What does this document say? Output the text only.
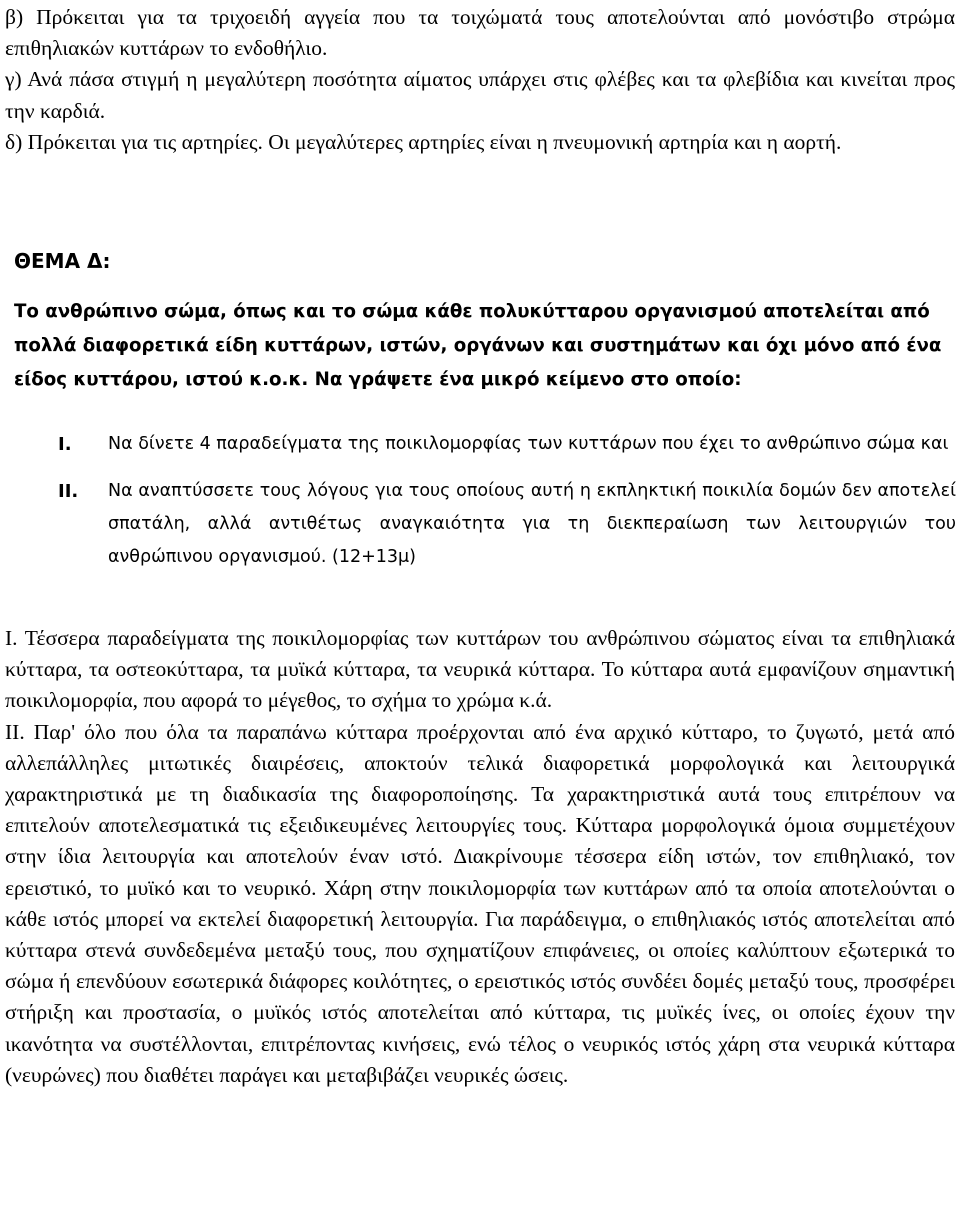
β) Πρόκειται για τα τριχοειδή αγγεία που τα τοιχώματά τους αποτελούνται από μονόστιβο στρώμα επιθηλιακών κυττάρων το ενδοθήλιο.

γ) Ανά πάσα στιγμή η μεγαλύτερη ποσότητα αίματος υπάρχει στις φλέβες και τα φλεβίδια και κινείται προς την καρδιά.

δ) Πρόκειται για τις αρτηρίες. Οι μεγαλύτερες αρτηρίες είναι η πνευμονική αρτηρία και η αορτή.

ΘΕΜΑ Δ:

Το ανθρώπινο σώμα, όπως και το σώμα κάθε πολυκύτταρου οργανισμού αποτελείται από πολλά διαφορετικά είδη κυττάρων, ιστών, οργάνων και συστημάτων και όχι μόνο από ένα είδος κυττάρου, ιστού κ.ο.κ. Να γράψετε ένα μικρό κείμενο στο οποίο:

I.	Να δίνετε 4 παραδείγματα της ποικιλομορφίας των κυττάρων που έχει το ανθρώπινο σώμα και
II.	Να αναπτύσσετε τους λόγους για τους οποίους αυτή η εκπληκτική ποικιλία δομών δεν αποτελεί σπατάλη, αλλά αντιθέτως αναγκαιότητα για τη διεκπεραίωση των λειτουργιών του ανθρώπινου οργανισμού. (12+13μ)

Ι. Τέσσερα παραδείγματα της ποικιλομορφίας των κυττάρων του ανθρώπινου σώματος είναι τα επιθηλιακά κύτταρα, τα οστεοκύτταρα, τα μυϊκά κύτταρα, τα νευρικά κύτταρα. Το κύτταρα αυτά εμφανίζουν σημαντική ποικιλομορφία, που αφορά το μέγεθος, το σχήμα το χρώμα κ.ά.

ΙΙ. Παρ' όλο που όλα τα παραπάνω κύτταρα προέρχονται από ένα αρχικό κύτταρο, το ζυγωτό, μετά από αλλεπάλληλες μιτωτικές διαιρέσεις, αποκτούν τελικά διαφορετικά μορφολογικά και λειτουργικά χαρακτηριστικά με τη διαδικασία της διαφοροποίησης. Τα χαρακτηριστικά αυτά τους επιτρέπουν να επιτελούν αποτελεσματικά τις εξειδικευμένες λειτουργίες τους. Κύτταρα μορφολογικά όμοια συμμετέχουν στην ίδια λειτουργία και αποτελούν έναν ιστό. Διακρίνουμε τέσσερα είδη ιστών, τον επιθηλιακό, τον ερειστικό, το μυϊκό και το νευρικό. Χάρη στην ποικιλομορφία των κυττάρων από τα οποία αποτελούνται ο κάθε ιστός μπορεί να εκτελεί διαφορετική λειτουργία. Για παράδειγμα, ο επιθηλιακός ιστός αποτελείται από κύτταρα στενά συνδεδεμένα μεταξύ τους, που σχηματίζουν επιφάνειες, οι οποίες καλύπτουν εξωτερικά το σώμα ή επενδύουν εσωτερικά διάφορες κοιλότητες, ο ερειστικός ιστός συνδέει δομές μεταξύ τους, προσφέρει στήριξη και προστασία, ο μυϊκός ιστός αποτελείται από κύτταρα, τις μυϊκές ίνες, οι οποίες έχουν την ικανότητα να συστέλλονται, επιτρέποντας κινήσεις, ενώ τέλος ο νευρικός ιστός χάρη στα νευρικά κύτταρα (νευρώνες) που διαθέτει παράγει και μεταβιβάζει νευρικές ώσεις.
